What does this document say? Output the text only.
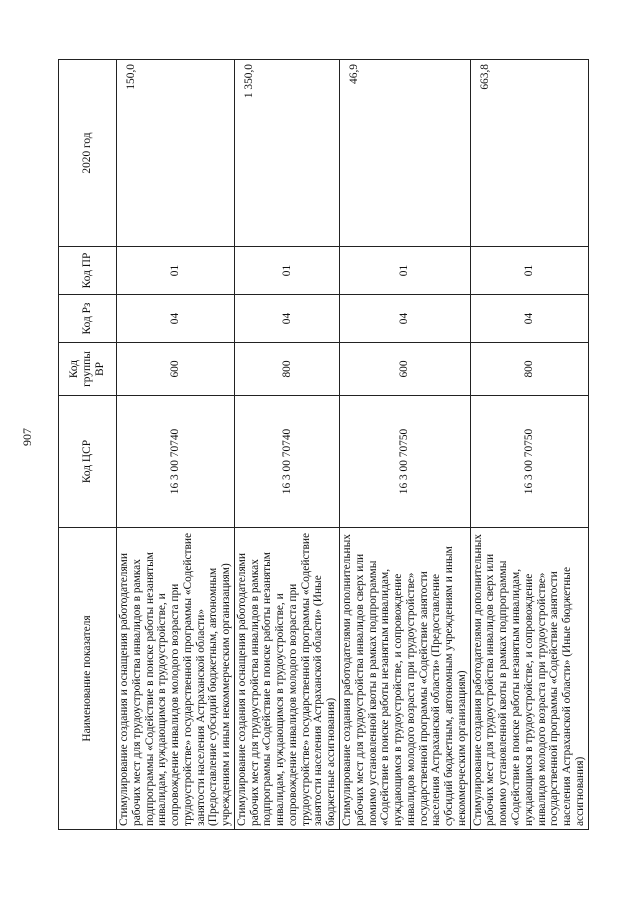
907
Наименование показателя	Код ЦСР	Код группы ВР	Код Рз	Код ПР	2020 год
Стимулирование создания и оснащения работодателями рабочих мест для трудоустройства инвалидов в рамках подпрограммы «Содействие в поиске работы незанятым инвалидам, нуждающимся в трудоустройстве, и сопровождение инвалидов молодого возраста при трудоустройстве» государственной программы «Содействие занятости населения Астраханской области» (Предоставление субсидий бюджетным, автономным учреждениям и иным некоммерческим организациям)	16 3 00 70740	600	04	01	150,0
Стимулирование создания и оснащения работодателями рабочих мест для трудоустройства инвалидов в рамках подпрограммы «Содействие в поиске работы незанятым инвалидам, нуждающимся в трудоустройстве, и сопровождение инвалидов молодого возраста при трудоустройстве» государственной программы «Содействие занятости населения Астраханской области» (Иные бюджетные ассигнования)	16 3 00 70740	800	04	01	1 350,0
Стимулирование создания работодателями дополнительных рабочих мест для трудоустройства инвалидов сверх или помимо установленной квоты в рамках подпрограммы «Содействие в поиске работы незанятым инвалидам, нуждающимся в трудоустройстве, и сопровождение инвалидов молодого возраста при трудоустройстве» государственной программы «Содействие занятости населения Астраханской области» (Предоставление субсидий бюджетным, автономным учреждениям и иным некоммерческим организациям)	16 3 00 70750	600	04	01	46,9
Стимулирование создания работодателями дополнительных рабочих мест для трудоустройства инвалидов сверх или помимо установленной квоты в рамках подпрограммы «Содействие в поиске работы незанятым инвалидам, нуждающимся в трудоустройстве, и сопровождение инвалидов молодого возраста при трудоустройстве» государственной программы «Содействие занятости населения Астраханской области» (Иные бюджетные ассигнования)	16 3 00 70750	800	04	01	663,8
